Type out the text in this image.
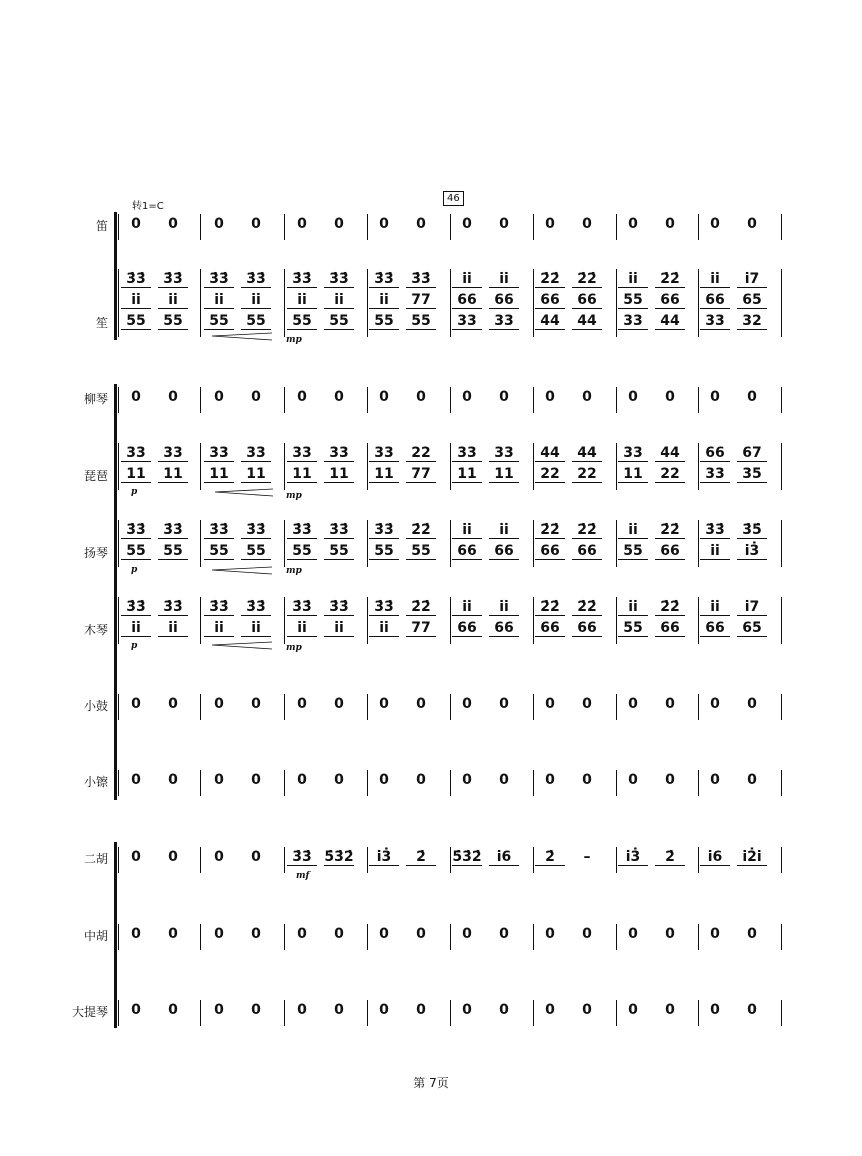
转1=C
46
笛	0	0	0	0	0	0	0	0	0	0	0	0	0	0	0	0
笙
3̇3̇	3̇3̇	3̇3̇	3̇3̇	3̇3̇	3̇3̇	3̇3̇	3̇3̇	i̇i̇	i̇i̇	2̇2̇	2̇2̇	i̇i̇	2̇2̇	i̇i̇	i̇7
i̇i̇	i̇i̇	i̇i̇	i̇i̇	i̇i̇	i̇i̇	i̇i̇	77	66	66	66	66	55	66	66	65
55	55	55	55	55	55	55	55	33	33	44	44	33	44	33	32
柳琴	0	0	0	0	0	0	0	0	0	0	0	0	0	0	0	0
琵琶
33	33	33	33	33	33	33	22	33	33	44	44	33	44	66	67
11	11	11	11	11	11	11	77	11	11	22	22	11	22	33	35
扬琴
3̇3̇	3̇3̇	3̇3̇	3̇3̇	3̇3̇	3̇3̇	3̇3̇	2̇2̇	i̇i̇	i̇i̇	2̇2̇	2̇2̇	i̇i̇	2̇2̇	3̇3̇	3̇5̇
55	55	55	55	55	55	55	55	66	66	66	66	55	66	i̇i̇	i̇3̇
木琴
3̇3̇	3̇3̇	3̇3̇	3̇3̇	3̇3̇	3̇3̇	3̇3̇	2̇2̇	i̇i̇	i̇i̇	2̇2̇	2̇2̇	i̇i̇	2̇2̇	i̇i̇	i̇7
i̇i̇	i̇i̇	i̇i̇	i̇i̇	i̇i̇	i̇i̇	i̇i̇	77	66	66	66	66	55	66	66	65
小鼓	0	0	0	0	0	0	0	0	0	0	0	0	0	0	0	0
小镲	0	0	0	0	0	0	0	0	0	0	0	0	0	0	0	0
二胡	0	0	0	0	3̇3̇ 5̇3̇2̇	i̇3̇	2̇	5̇3̇2̇	i̇6	2̇	–	i̇3̇	2̇	i̇6	i̇2̇i̇
中胡	0	0	0	0	0	0	0	0	0	0	0	0	0	0	0	0
大提琴	0	0	0	0	0	0	0	0	0	0	0	0	0	0	0	0
mp
p	mp
p	mp
p	mp
mf
第 7页
